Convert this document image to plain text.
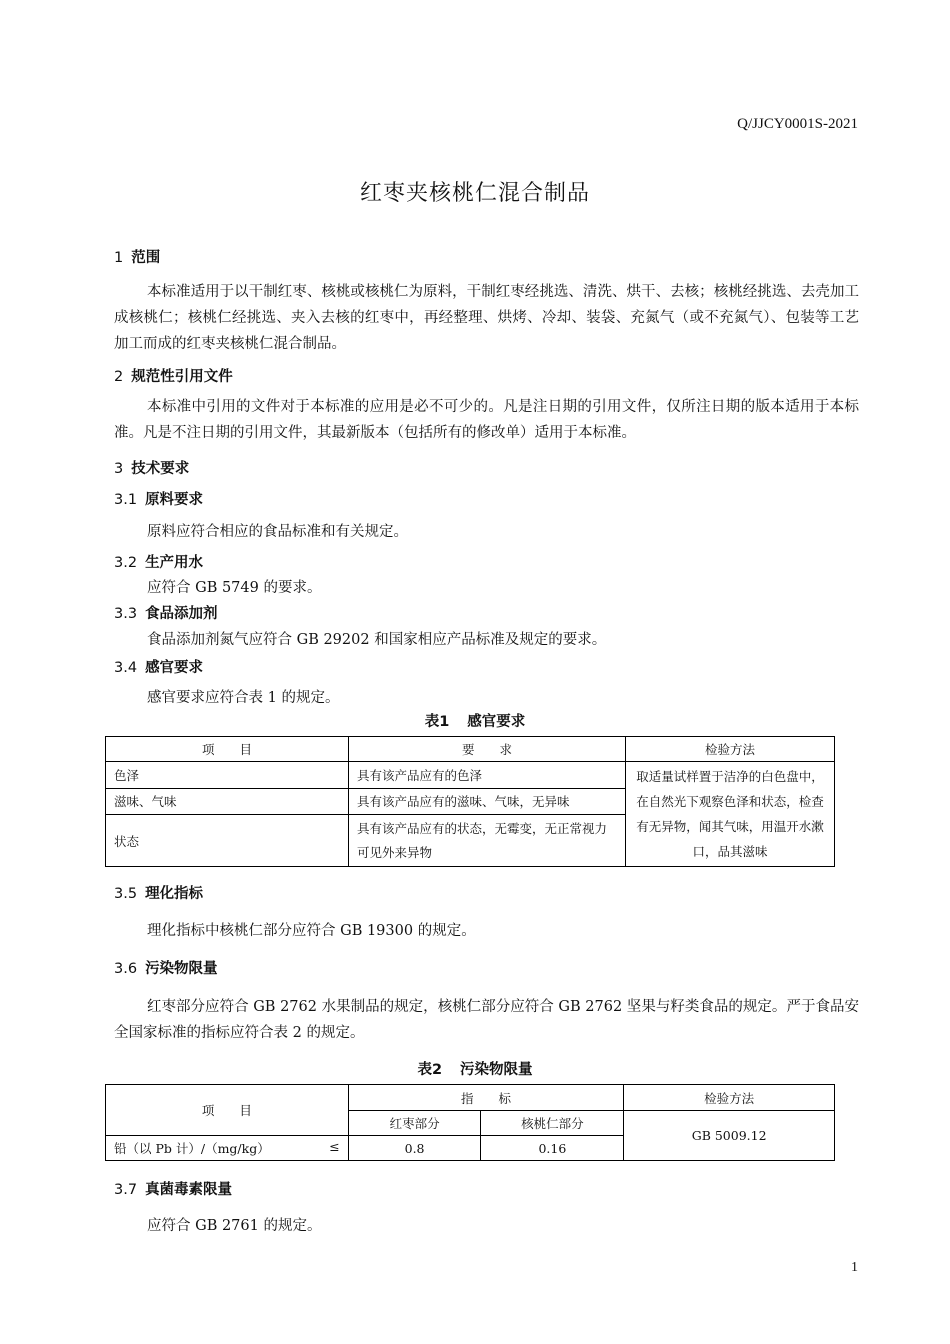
Q/JJCY0001S-2021
红枣夹核桃仁混合制品
1 范围
本标准适用于以干制红枣、核桃或核桃仁为原料，干制红枣经挑选、清洗、烘干、去核；核桃经挑选、去壳加工成核桃仁；核桃仁经挑选、夹入去核的红枣中，再经整理、烘烤、冷却、装袋、充氮气（或不充氮气）、包装等工艺加工而成的红枣夹核桃仁混合制品。
2 规范性引用文件
本标准中引用的文件对于本标准的应用是必不可少的。凡是注日期的引用文件，仅所注日期的版本适用于本标准。凡是不注日期的引用文件，其最新版本（包括所有的修改单）适用于本标准。
3 技术要求
3.1 原料要求
原料应符合相应的食品标准和有关规定。
3.2 生产用水
应符合 GB 5749 的要求。
3.3 食品添加剂
食品添加剂氮气应符合 GB 29202 和国家相应产品标准及规定的要求。
3.4 感官要求
感官要求应符合表 1 的规定。
表1 感官要求
项　　目	要　　求	检验方法
色泽	具有该产品应有的色泽	取适量试样置于洁净的白色盘中，在自然光下观察色泽和状态，检查有无异物，闻其气味，用温开水漱口，品其滋味
滋味、气味	具有该产品应有的滋味、气味，无异味	
状态	具有该产品应有的状态，无霉变，无正常视力可见外来异物	
3.5 理化指标
理化指标中核桃仁部分应符合 GB 19300 的规定。
3.6 污染物限量
红枣部分应符合 GB 2762 水果制品的规定，核桃仁部分应符合 GB 2762 坚果与籽类食品的规定。严于食品安全国家标准的指标应符合表 2 的规定。
表2 污染物限量
项　　目	指　　标		检验方法
	红枣部分	核桃仁部分	GB 5009.12
铅（以 Pb 计）/（mg/kg） ≤	0.8	0.16	
3.7 真菌毒素限量
应符合 GB 2761 的规定。
1
